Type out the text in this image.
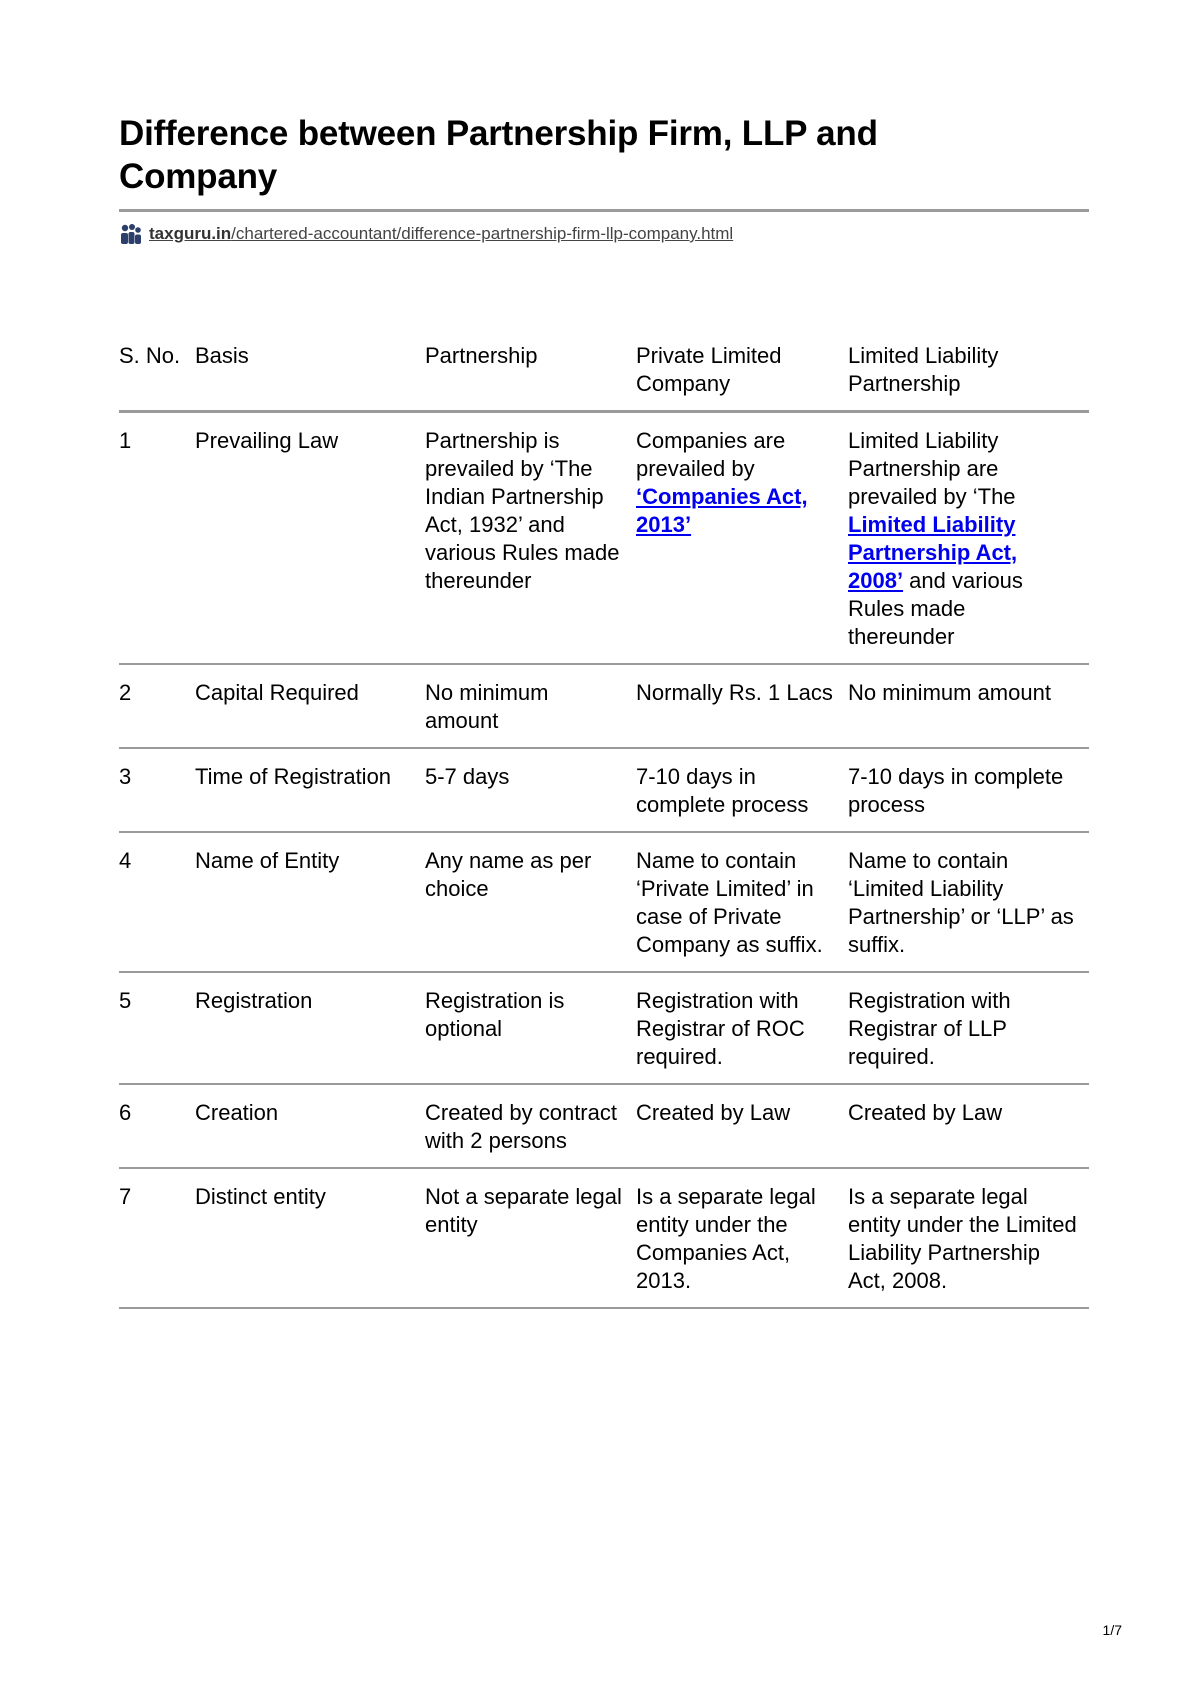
Difference between Partnership Firm, LLP and Company
taxguru.in/chartered-accountant/difference-partnership-firm-llp-company.html
S. No.	Basis	Partnership	Private Limited Company	Limited Liability Partnership

1	Prevailing Law	Partnership is prevailed by ‘The Indian Partnership Act, 1932’ and various Rules made thereunder	Companies are prevailed by ‘Companies Act, 2013’	Limited Liability Partnership are prevailed by ‘The Limited Liability Partnership Act, 2008’ and various Rules made thereunder

2	Capital Required	No minimum amount	Normally Rs. 1 Lacs	No minimum amount

3	Time of Registration	5-7 days	7-10 days in complete process	7-10 days in complete process

4	Name of Entity	Any name as per choice	Name to contain ‘Private Limited’ in case of Private Company as suffix.	Name to contain ‘Limited Liability Partnership’ or ‘LLP’ as suffix.

5	Registration	Registration is optional	Registration with Registrar of ROC required.	Registration with Registrar of LLP required.

6	Creation	Created by contract with 2 persons	Created by Law	Created by Law

7	Distinct entity	Not a separate legal entity	Is a separate legal entity under the Companies Act, 2013.	Is a separate legal entity under the Limited Liability Partnership Act, 2008.
1/7
